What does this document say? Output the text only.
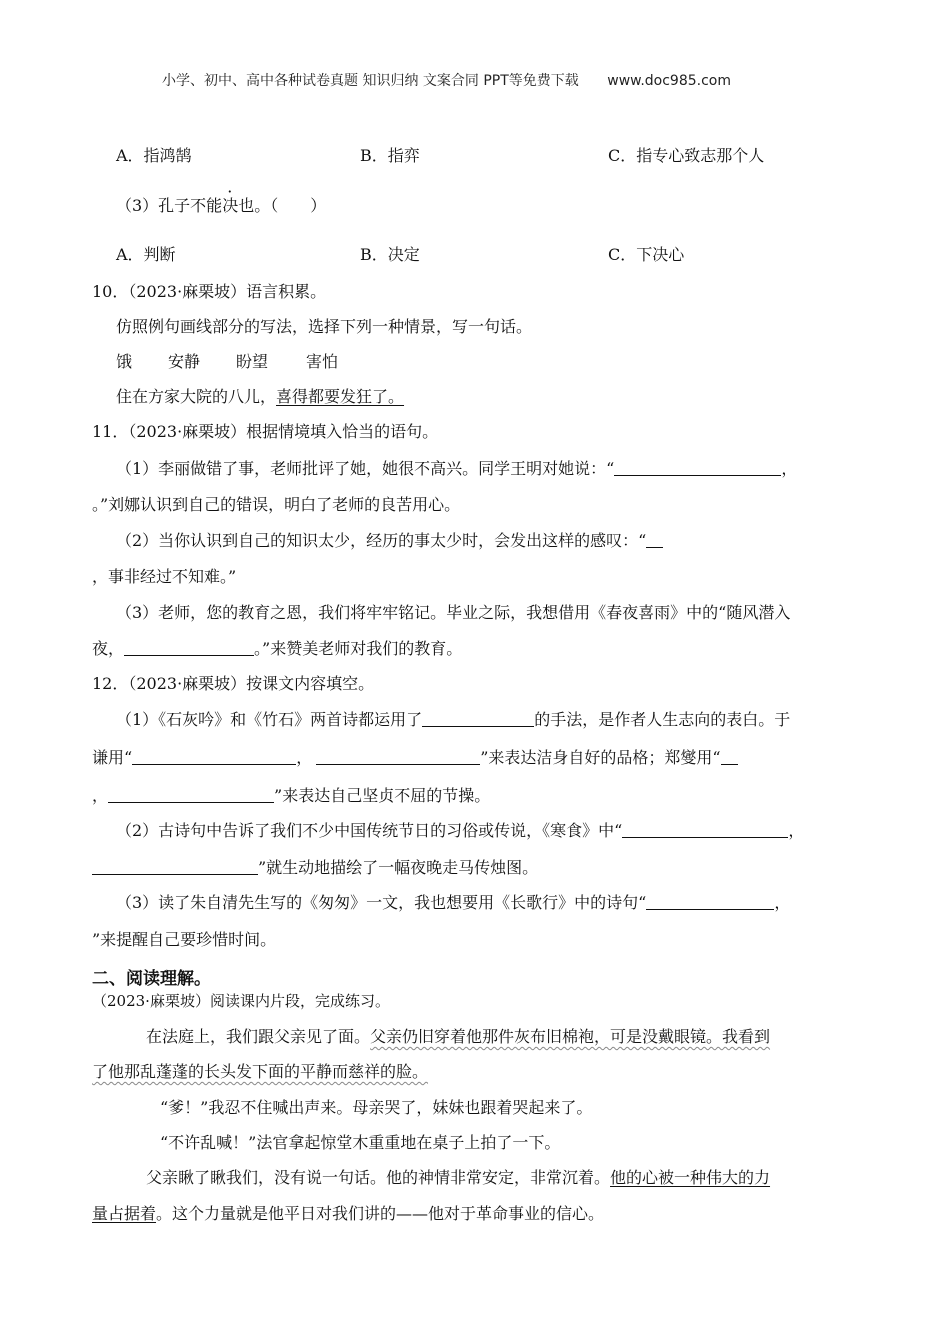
小学、初中、高中各种试卷真题 知识归纳 文案合同 PPT等免费下载 www.doc985.com
A．指鸿鹄	B．指弈	C．指专心致志那个人
（3）孔子不能决也。（　　）
A．判断	B．决定	C．下决心
10．（2023·麻栗坡）语言积累。
仿照例句画线部分的写法，选择下列一种情景，写一句话。
饿 安静 盼望 害怕
住在方家大院的八儿，喜得都要发狂了。
11．（2023·麻栗坡）根据情境填入恰当的语句。
（1）李丽做错了事，老师批评了她，她很不高兴。同学王明对她说：“	，
。”刘娜认识到自己的错误，明白了老师的良苦用心。
（2）当你认识到自己的知识太少，经历的事太少时，会发出这样的感叹：“
，事非经过不知难。”
（3）老师，您的教育之恩，我们将牢牢铭记。毕业之际，我想借用《春夜喜雨》中的“随风潜入
夜，	。”来赞美老师对我们的教育。
12．（2023·麻栗坡）按课文内容填空。
（1）《石灰吟》和《竹石》两首诗都运用了	的手法，是作者人生志向的表白。于
谦用“	，	”来表达洁身自好的品格；郑燮用“
，	”来表达自己坚贞不屈的节操。
（2）古诗句中告诉了我们不少中国传统节日的习俗或传说，《寒食》中“	，
”就生动地描绘了一幅夜晚走马传烛图。
（3）读了朱自清先生写的《匆匆》一文，我也想要用《长歌行》中的诗句“	，
”来提醒自己要珍惜时间。
二、阅读理解。
（2023·麻栗坡）阅读课内片段，完成练习。
在法庭上，我们跟父亲见了面。父亲仍旧穿着他那件灰布旧棉袍，可是没戴眼镜。我看到
了他那乱蓬蓬的长头发下面的平静而慈祥的脸。
“爹！”我忍不住喊出声来。母亲哭了，妹妹也跟着哭起来了。
“不许乱喊！”法官拿起惊堂木重重地在桌子上拍了一下。
父亲瞅了瞅我们，没有说一句话。他的神情非常安定，非常沉着。他的心被一种伟大的力
量占据着。这个力量就是他平日对我们讲的——他对于革命事业的信心。
